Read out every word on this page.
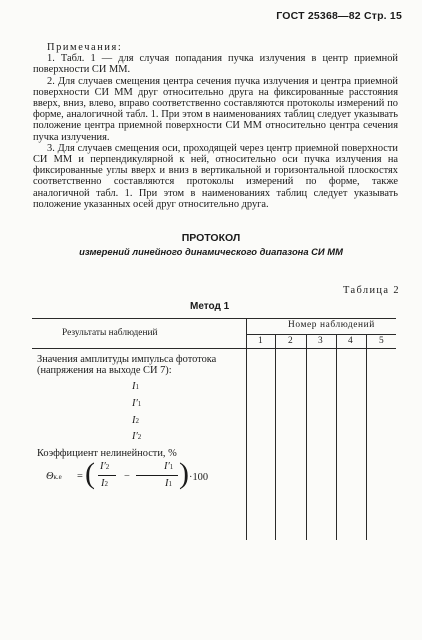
ГОСТ 25368—82 Стр. 15

Примечания:

1. Табл. 1 — для случая попадания пучка излучения в центр приемной поверхности СИ ММ.

2. Для случаев смещения центра сечения пучка излучения и центра приемной поверхности СИ ММ друг относительно друга на фиксированные расстояния вверх, вниз, влево, вправо соответственно составляются протоколы измерений по форме, аналогичной табл. 1. При этом в наименованиях таблиц следует указывать положение центра приемной поверхности СИ ММ относительно центра сечения пучка излучения.

3. Для случаев смещения оси, проходящей через центр приемной поверхности СИ ММ и перпендикулярной к ней, относительно оси пучка излучения на фиксированные углы вверх и вниз в вертикальной и горизонтальной плоскостях соответственно составляются протоколы измерений по форме, также аналогичной табл. 1. При этом в наименованиях таблиц следует указывать положение указанных осей друг относительно друга.

ПРОТОКОЛ
измерений линейного динамического диапазона СИ ММ
Таблица 2
Метод 1
Результаты наблюдений
Номер наблюдений
1	2	3	4	5
Значения амплитуды импульса фототока (напряжения на выходе СИ 7):
I1
I′1
I2
I′2
Коэффициент нелинейности, %
Θк.е = ( I′2
I2
−
I′1
I1 ) ·100
